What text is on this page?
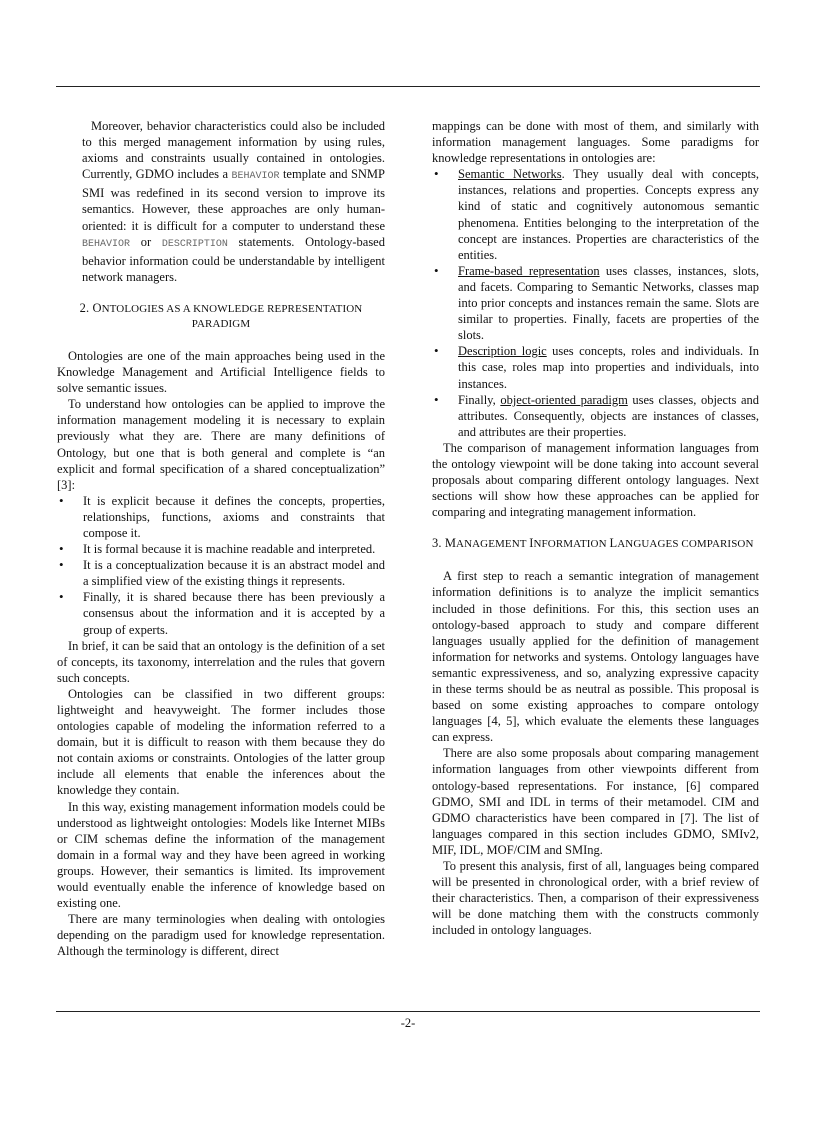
Moreover, behavior characteristics could also be included to this merged management information by using rules, axioms and constraints usually contained in ontologies. Currently, GDMO includes a BEHAVIOR template and SNMP SMI was redefined in its second version to improve its semantics. However, these approaches are only human-oriented: it is difficult for a computer to understand these BEHAVIOR or DESCRIPTION statements. Ontology-based behavior information could be understandable by intelligent network managers.

2. ONTOLOGIES AS A KNOWLEDGE REPRESENTATION
PARADIGM

Ontologies are one of the main approaches being used in the Knowledge Management and Artificial Intelligence fields to solve semantic issues.

To understand how ontologies can be applied to improve the information management modeling it is necessary to explain previously what they are. There are many definitions of Ontology, but one that is both general and complete is “an explicit and formal specification of a shared conceptualization” [3]:

• It is explicit because it defines the concepts, properties, relationships, functions, axioms and constraints that compose it.
• It is formal because it is machine readable and interpreted.
• It is a conceptualization because it is an abstract model and a simplified view of the existing things it represents.
• Finally, it is shared because there has been previously a consensus about the information and it is accepted by a group of experts.

In brief, it can be said that an ontology is the definition of a set of concepts, its taxonomy, interrelation and the rules that govern such concepts.

Ontologies can be classified in two different groups: lightweight and heavyweight. The former includes those ontologies capable of modeling the information referred to a domain, but it is difficult to reason with them because they do not contain axioms or constraints. Ontologies of the latter group include all elements that enable the inferences about the knowledge they contain.

In this way, existing management information models could be understood as lightweight ontologies: Models like Internet MIBs or CIM schemas define the information of the management domain in a formal way and they have been agreed in working groups. However, their semantics is limited. Its improvement would eventually enable the inference of knowledge based on existing one.

There are many terminologies when dealing with ontologies depending on the paradigm used for knowledge representation. Although the terminology is different, direct

mappings can be done with most of them, and similarly with information management languages. Some paradigms for knowledge representations in ontologies are:

• Semantic Networks. They usually deal with concepts, instances, relations and properties. Concepts express any kind of static and cognitively autonomous semantic phenomena. Entities belonging to the interpretation of the concept are instances. Properties are characteristics of the entities.
• Frame-based representation uses classes, instances, slots, and facets. Comparing to Semantic Networks, classes map into prior concepts and instances remain the same. Slots are similar to properties. Finally, facets are properties of the slots.
• Description logic uses concepts, roles and individuals. In this case, roles map into properties and individuals, into instances.
• Finally, object-oriented paradigm uses classes, objects and attributes. Consequently, objects are instances of classes, and attributes are their properties.

The comparison of management information languages from the ontology viewpoint will be done taking into account several proposals about comparing different ontology languages. Next sections will show how these approaches can be applied for comparing and integrating management information.

3. MANAGEMENT INFORMATION LANGUAGES COMPARISON

A first step to reach a semantic integration of management information definitions is to analyze the implicit semantics included in those definitions. For this, this section uses an ontology-based approach to study and compare different languages usually applied for the definition of management information for networks and systems. Ontology languages have semantic expressiveness, and so, analyzing expressive capacity in these terms should be as neutral as possible. This proposal is based on some existing approaches to compare ontology languages [4, 5], which evaluate the elements these languages can express.

There are also some proposals about comparing management information languages from other viewpoints different from ontology-based representations. For instance, [6] compared GDMO, SMI and IDL in terms of their metamodel. CIM and GDMO characteristics have been compared in [7]. The list of languages compared in this section includes GDMO, SMIv2, MIF, IDL, MOF/CIM and SMIng.

To present this analysis, first of all, languages being compared will be presented in chronological order, with a brief review of their characteristics. Then, a comparison of their expressiveness will be done matching them with the constructs commonly included in ontology languages.

-2-
